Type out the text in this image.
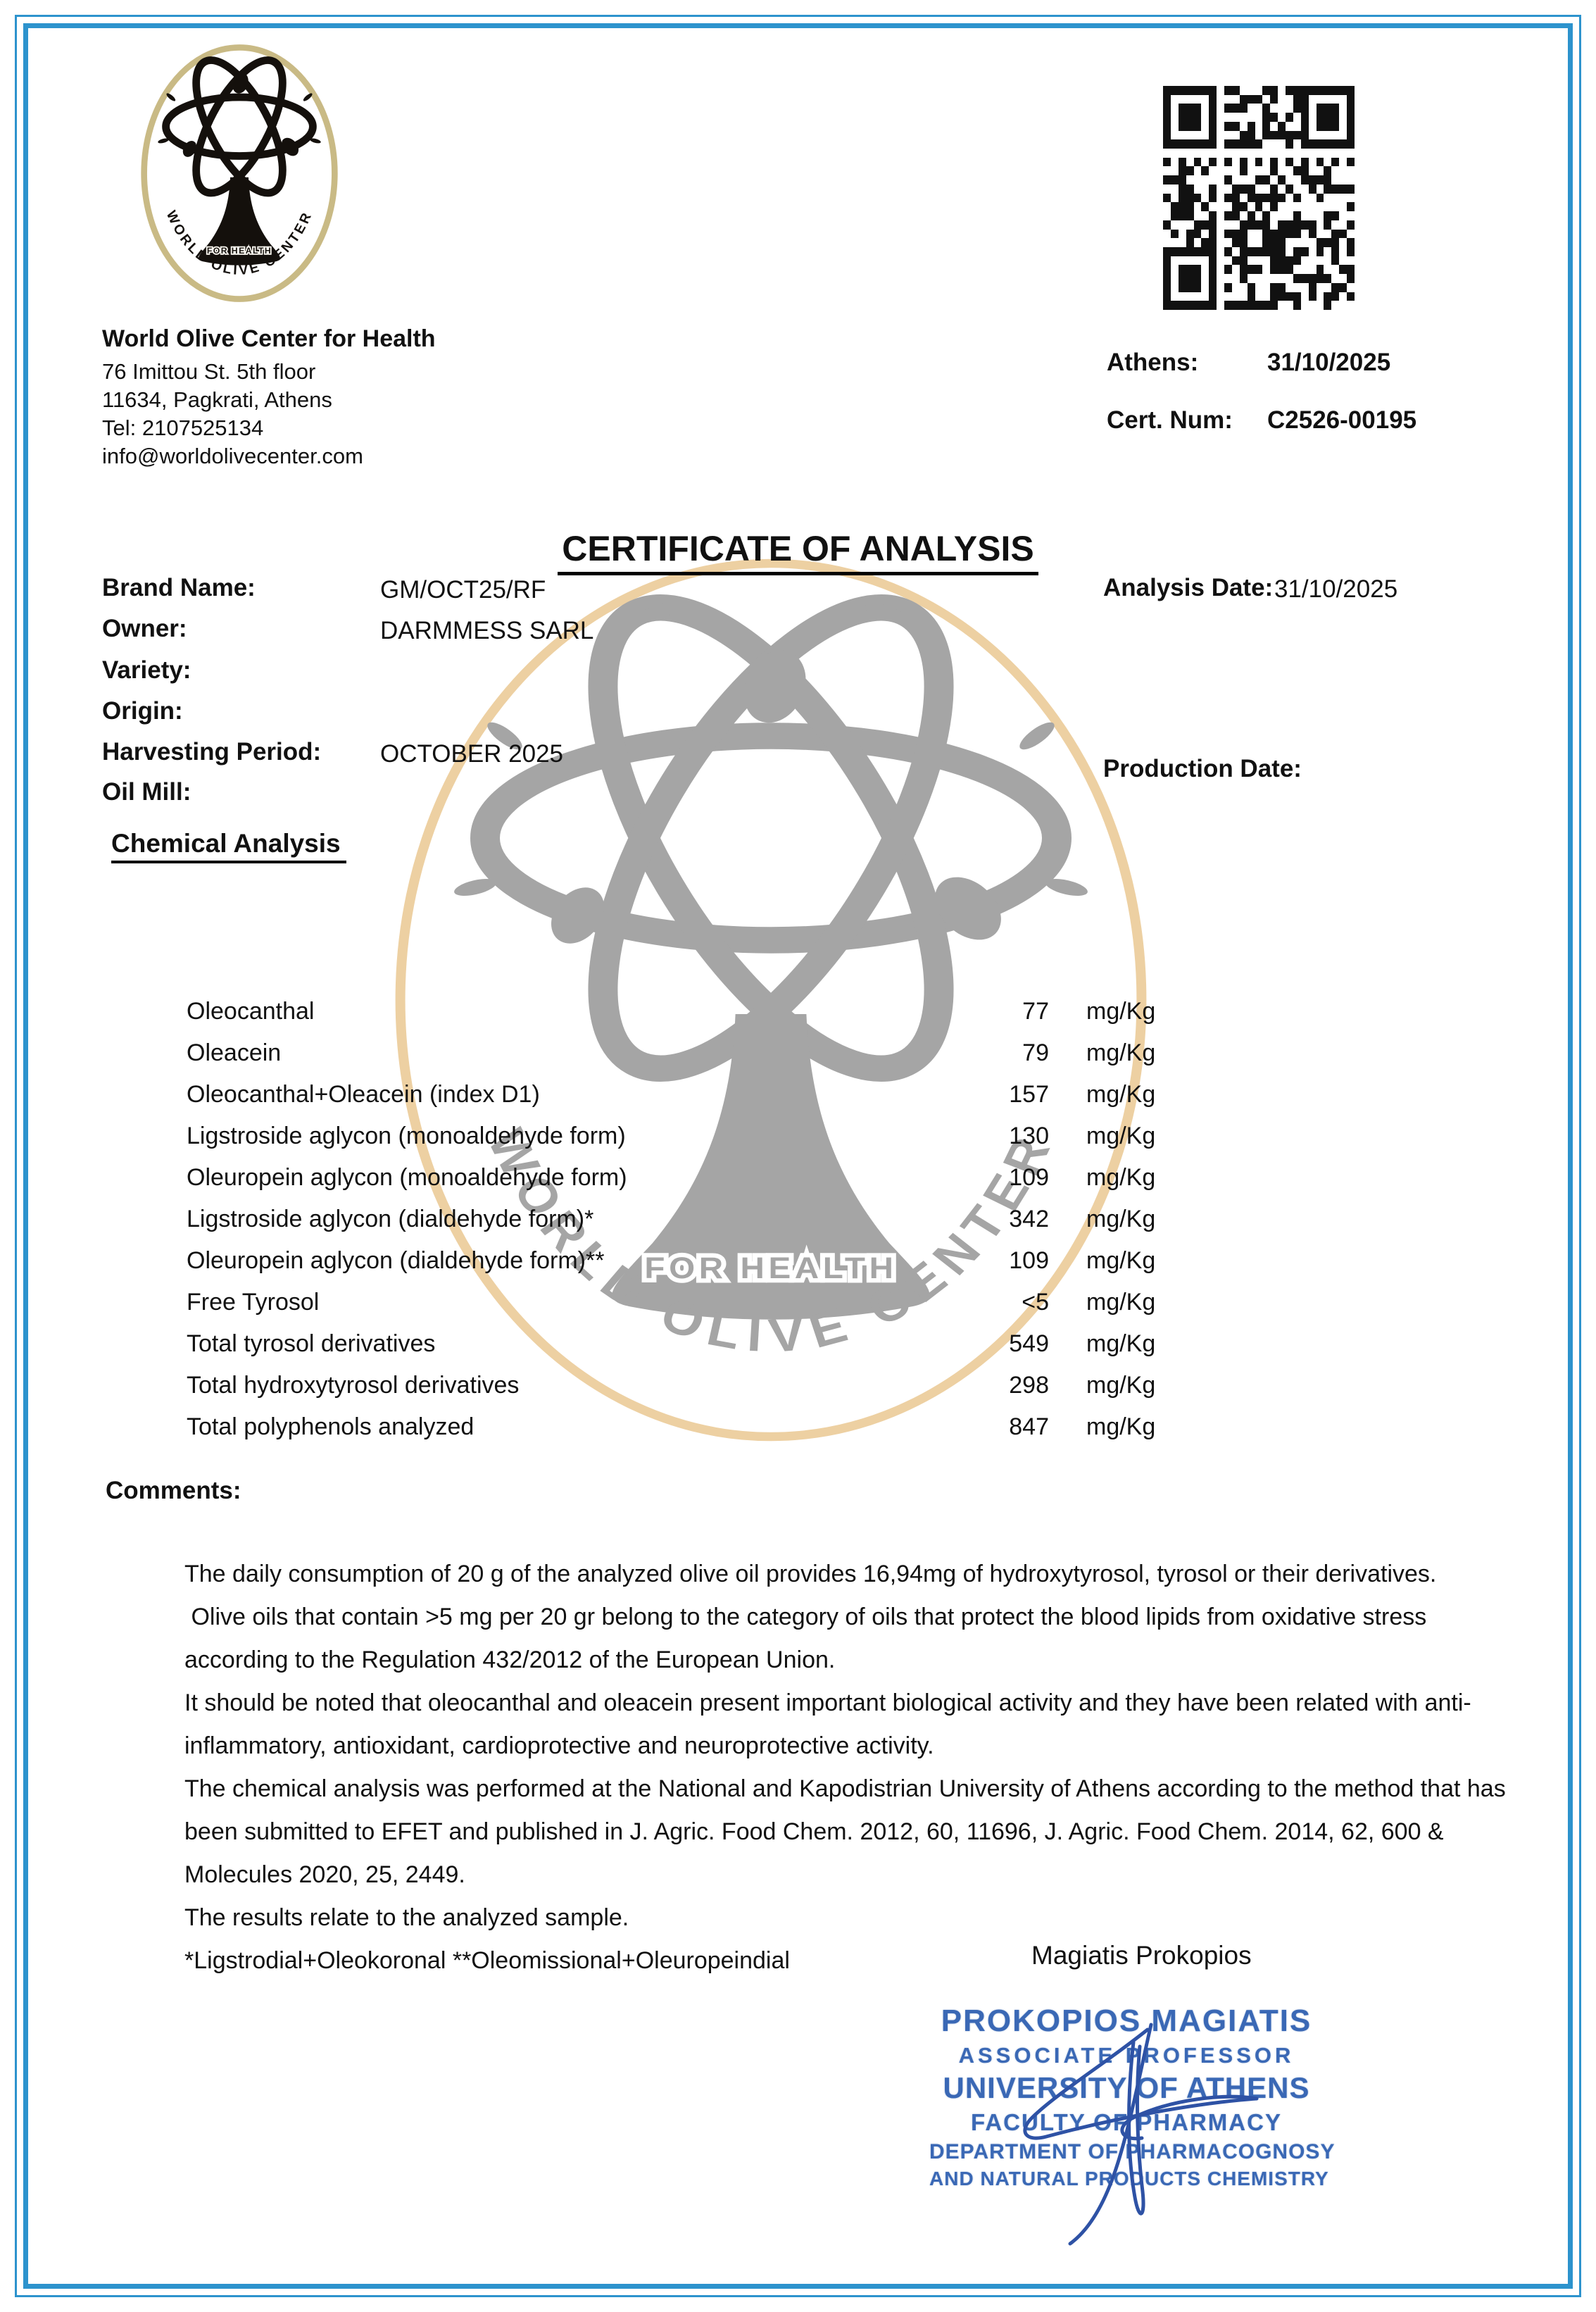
World Olive Center for Health
76 Imittou St. 5th floor
11634, Pagkrati, Athens
Tel: 2107525134
info@worldolivecenter.com
Athens:	31/10/2025
Cert. Num: C2526-00195
CERTIFICATE OF ANALYSIS
Brand Name:	GM/OCT25/RF
Owner:	DARMMESS SARL
Variety:
Origin:
Harvesting Period: OCTOBER 2025
Oil Mill:
Analysis Date: 31/10/2025
Production Date:
Chemical Analysis
Oleocanthal	77 mg/Kg
Oleacein	79 mg/Kg
Oleocanthal+Oleacein (index D1)	157 mg/Kg
Ligstroside aglycon (monoaldehyde form)	130 mg/Kg
Oleuropein aglycon (monoaldehyde form)	109 mg/Kg
Ligstroside aglycon (dialdehyde form)*	342 mg/Kg
Oleuropein aglycon (dialdehyde form)**	109 mg/Kg
Free Tyrosol	<5 mg/Kg
Total tyrosol derivatives	549 mg/Kg
Total hydroxytyrosol derivatives	298 mg/Kg
Total polyphenols analyzed	847 mg/Kg
Comments:

The daily consumption of 20 g of the analyzed olive oil provides 16,94mg of hydroxytyrosol, tyrosol or their derivatives.

Olive oils that contain >5 mg per 20 gr belong to the category of oils that protect the blood lipids from oxidative stress according to the Regulation 432/2012 of the European Union.

It should be noted that oleocanthal and oleacein present important biological activity and they have been related with anti-inflammatory, antioxidant, cardioprotective and neuroprotective activity.

The chemical analysis was performed at the National and Kapodistrian University of Athens according to the method that has been submitted to EFET and published in J. Agric. Food Chem. 2012, 60, 11696, J. Agric. Food Chem. 2014, 62, 600 & Molecules 2020, 25, 2449.

The results relate to the analyzed sample.

*Ligstrodial+Oleokoronal **Oleomissional+Oleuropeindial	Magiatis Prokopios
PROKOPIOS MAGIATIS
ASSOCIATE PROFESSOR
UNIVERSITY OF ATHENS
FACULTY OF PHARMACY
DEPARTMENT OF PHARMACOGNOSY
AND NATURAL PRODUCTS CHEMISTRY
